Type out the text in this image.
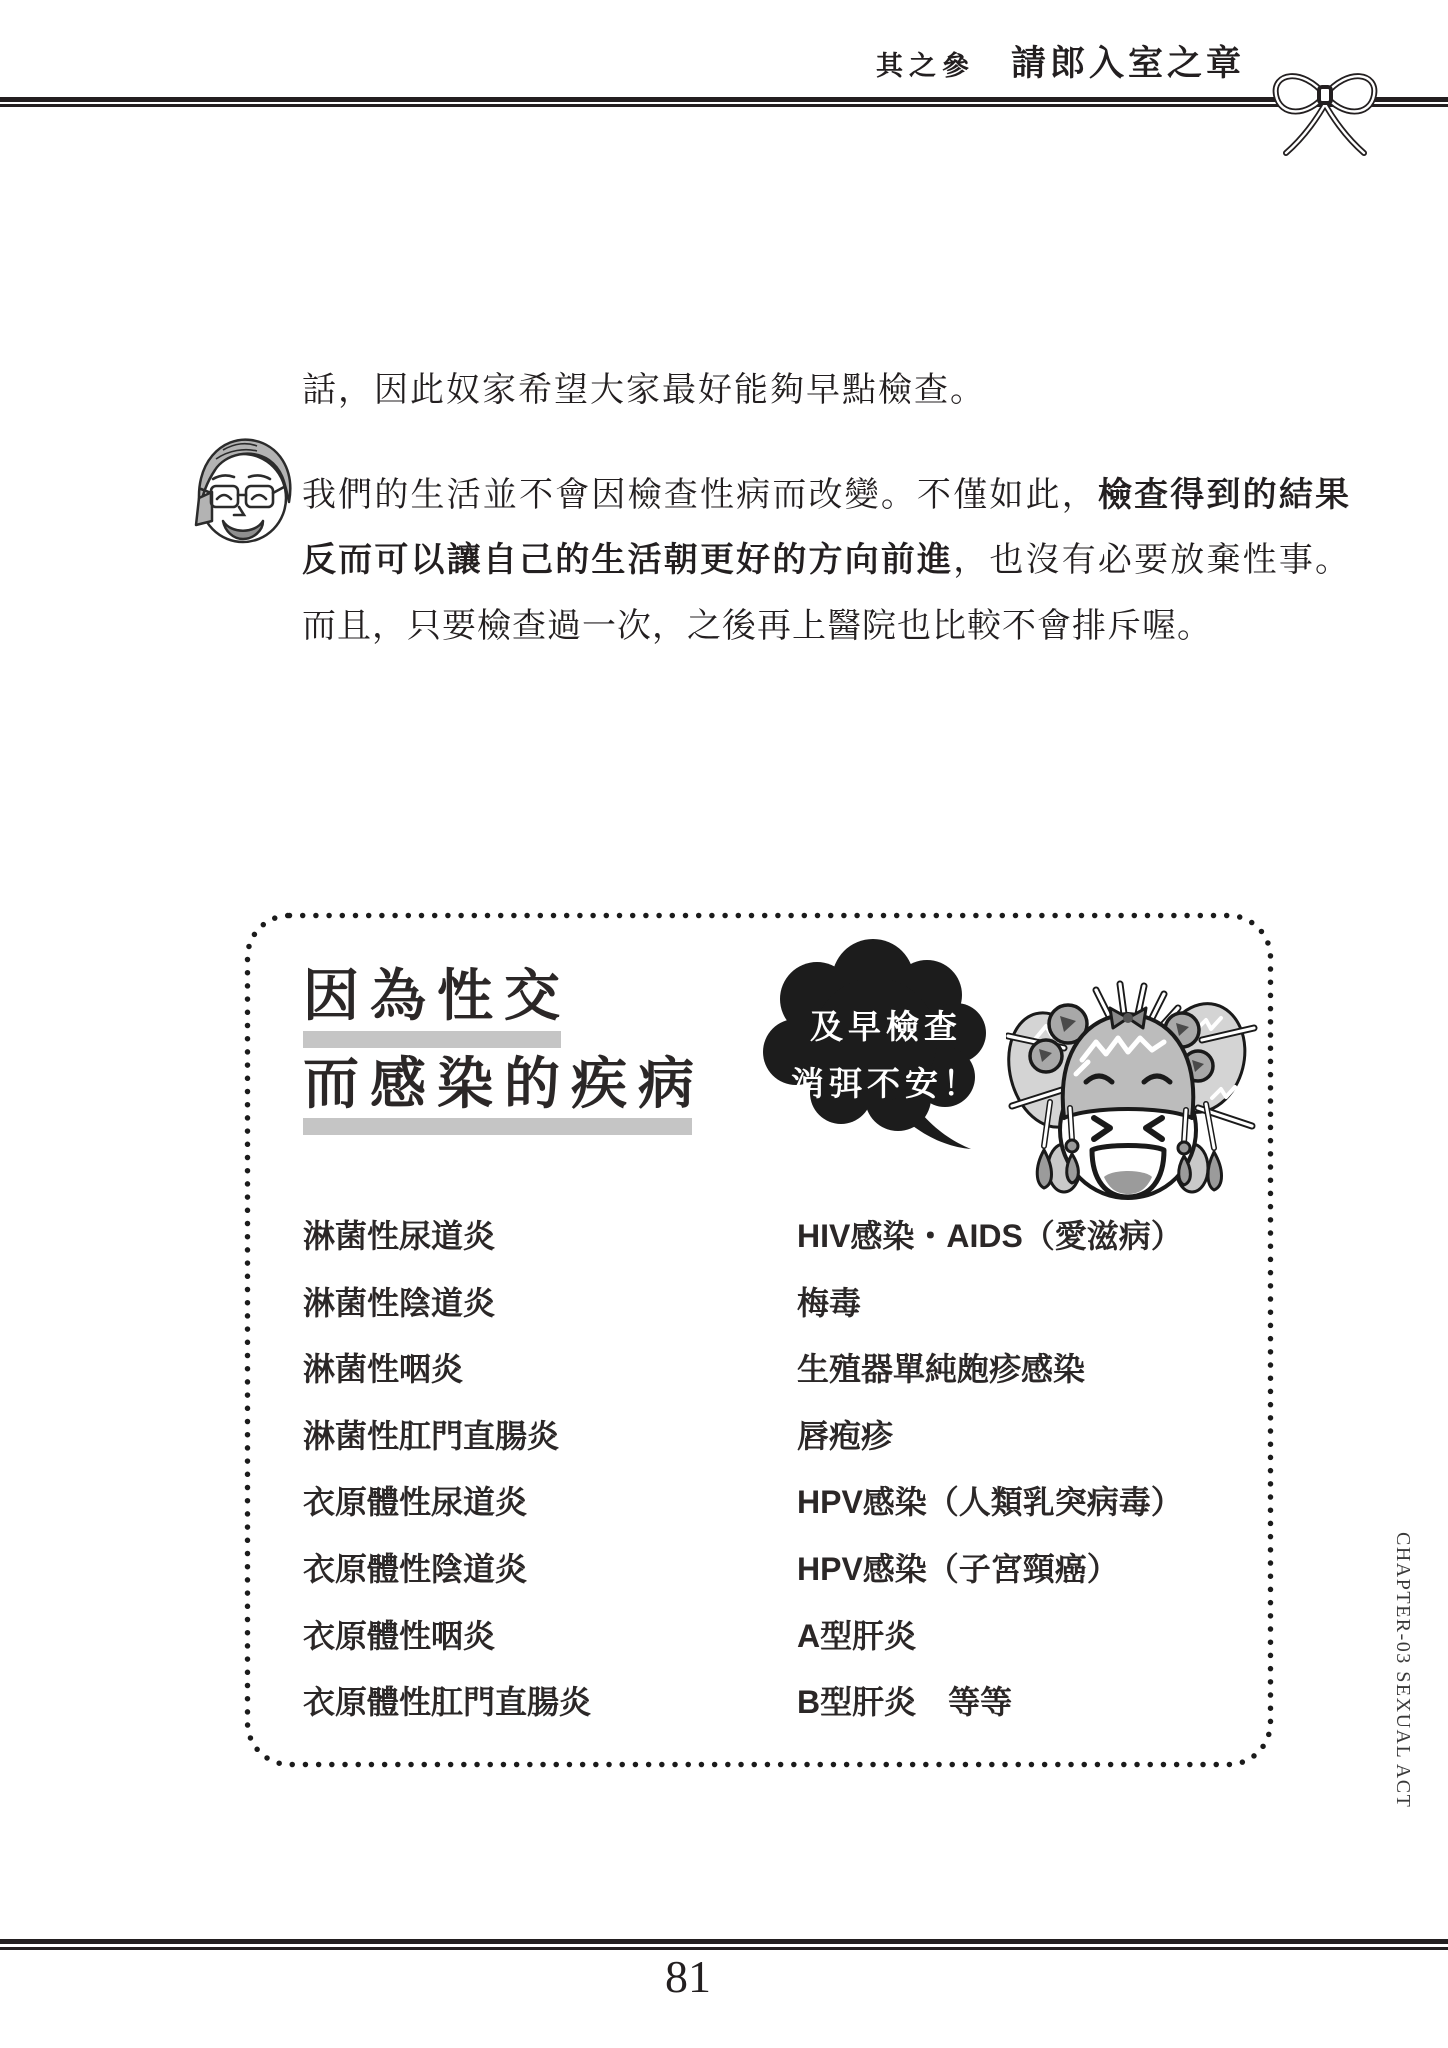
其之參 請郎入室之章

話，因此奴家希望大家最好能夠早點檢查。

我們的生活並不會因檢查性病而改變。不僅如此，檢查得到的結果反而可以讓自己的生活朝更好的方向前進，也沒有必要放棄性事。而且，只要檢查過一次，之後再上醫院也比較不會排斥喔。

因為性交
而感染的疾病
及早檢查
消弭不安！
淋菌性尿道炎
淋菌性陰道炎
淋菌性咽炎
淋菌性肛門直腸炎
衣原體性尿道炎
衣原體性陰道炎
衣原體性咽炎
衣原體性肛門直腸炎
HIV感染・AIDS（愛滋病）
梅毒
生殖器單純皰疹感染
唇疱疹
HPV感染（人類乳突病毒）
HPV感染（子宮頸癌）
A型肝炎
B型肝炎　等等	CHAPTER-03 SEXUAL ACT
81
